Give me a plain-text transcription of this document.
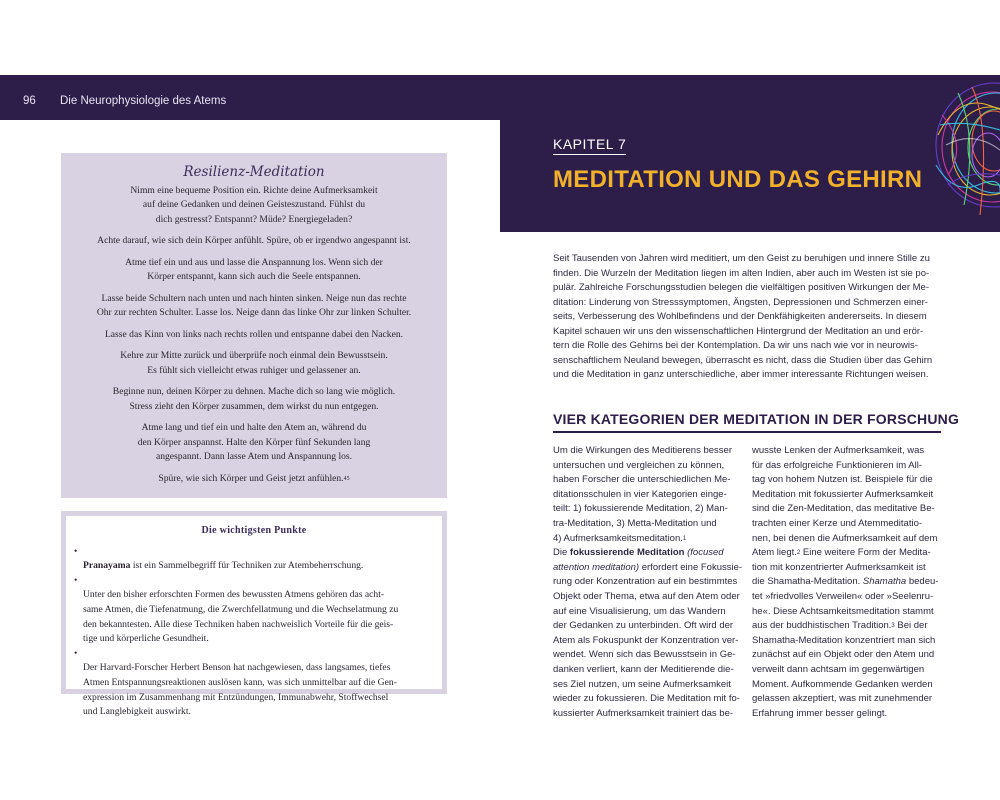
96 Die Neurophysiologie des Atems
KAPITEL 7
MEDITATION UND DAS GEHIRN
Resilienz-Meditation

Nimm eine bequeme Position ein. Richte deine Aufmerksamkeit
auf deine Gedanken und deinen Geisteszustand. Fühlst du
dich gestresst? Entspannt? Müde? Energiegeladen?

Achte darauf, wie sich dein Körper anfühlt. Spüre, ob er irgendwo angespannt ist.

Atme tief ein und aus und lasse die Anspannung los. Wenn sich der
Körper entspannt, kann sich auch die Seele entspannen.

Lasse beide Schultern nach unten und nach hinten sinken. Neige nun das rechte
Ohr zur rechten Schulter. Lasse los. Neige dann das linke Ohr zur linken Schulter.

Lasse das Kinn von links nach rechts rollen und entspanne dabei den Nacken.

Kehre zur Mitte zurück und überprüfe noch einmal dein Bewusstsein.
Es fühlt sich vielleicht etwas ruhiger und gelassener an.

Beginne nun, deinen Körper zu dehnen. Mache dich so lang wie möglich.
Stress zieht den Körper zusammen, dem wirkst du nun entgegen.

Atme lang und tief ein und halte den Atem an, während du
den Körper anspannst. Halte den Körper fünf Sekunden lang
angespannt. Dann lasse Atem und Anspannung los.

Spüre, wie sich Körper und Geist jetzt anfühlen.$^{45}$

Die wichtigsten Punkte

•
Pranayama ist ein Sammelbegriff für Techniken zur Atembeherrschung.

•
Unter den bisher erforschten Formen des bewussten Atmens gehören das acht-
same Atmen, die Tiefenatmung, die Zwerchfellatmung und die Wechselatmung zu
den bekanntesten. Alle diese Techniken haben nachweislich Vorteile für die geis-
tige und körperliche Gesundheit.

•
Der Harvard-Forscher Herbert Benson hat nachgewiesen, dass langsames, tiefes
Atmen Entspannungsreaktionen auslösen kann, was sich unmittelbar auf die Gen-
expression im Zusammenhang mit Entzündungen, Immunabwehr, Stoffwechsel
und Langlebigkeit auswirkt.

Seit Tausenden von Jahren wird meditiert, um den Geist zu beruhigen und innere Stille zu
finden. Die Wurzeln der Meditation liegen im alten Indien, aber auch im Westen ist sie po-
pulär. Zahlreiche Forschungsstudien belegen die vielfältigen positiven Wirkungen der Me-
ditation: Linderung von Stresssymptomen, Ängsten, Depressionen und Schmerzen einer-
seits, Verbesserung des Wohlbefindens und der Denkfähigkeiten andererseits. In diesem
Kapitel schauen wir uns den wissenschaftlichen Hintergrund der Meditation an und erör-
tern die Rolle des Gehirns bei der Kontemplation. Da wir uns nach wie vor in neurowis-
senschaftlichem Neuland bewegen, überrascht es nicht, dass die Studien über das Gehirn
und die Meditation in ganz unterschiedliche, aber immer interessante Richtungen weisen.

VIER KATEGORIEN DER MEDITATION IN DER FORSCHUNG
Um die Wirkungen des Meditierens besser
untersuchen und vergleichen zu können,
haben Forscher die unterschiedlichen Me-
ditationsschulen in vier Kategorien einge-
teilt: 1) fokussierende Meditation, 2) Man-
tra-Meditation, 3) Metta-Meditation und
4) Aufmerksamkeitsmeditation.$^1$
Die fokussierende Meditation (focused
attention meditation) erfordert eine Fokussie-
rung oder Konzentration auf ein bestimmtes
Objekt oder Thema, etwa auf den Atem oder
auf eine Visualisierung, um das Wandern
der Gedanken zu unterbinden. Oft wird der
Atem als Fokuspunkt der Konzentration ver-
wendet. Wenn sich das Bewusstsein in Ge-
danken verliert, kann der Meditierende die-
ses Ziel nutzen, um seine Aufmerksamkeit
wieder zu fokussieren. Die Meditation mit fo-
kussierter Aufmerksamkeit trainiert das be-
wusste Lenken der Aufmerksamkeit, was
für das erfolgreiche Funktionieren im All-
tag von hohem Nutzen ist. Beispiele für die
Meditation mit fokussierter Aufmerksamkeit
sind die Zen-Meditation, das meditative Be-
trachten einer Kerze und Atemmeditatio-
nen, bei denen die Aufmerksamkeit auf dem
Atem liegt.$^2$ Eine weitere Form der Medita-
tion mit konzentrierter Aufmerksamkeit ist
die Shamatha-Meditation. Shamatha bedeu-
tet »friedvolles Verweilen« oder »Seelenru-
he«. Diese Achtsamkeitsmeditation stammt
aus der buddhistischen Tradition.$^3$ Bei der
Shamatha-Meditation konzentriert man sich
zunächst auf ein Objekt oder den Atem und
verweilt dann achtsam im gegenwärtigen
Moment. Aufkommende Gedanken werden
gelassen akzeptiert, was mit zunehmender
Erfahrung immer besser gelingt.
